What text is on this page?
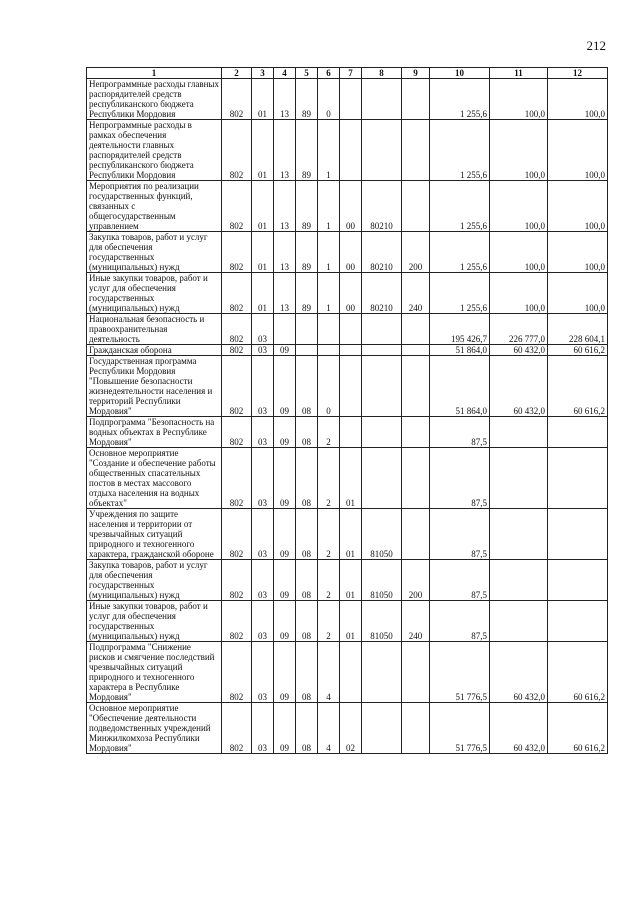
212
1	2	3	4	5	6	7	8	9	10	11	12
Непрограммные расходы главных распорядителей средств республиканского бюджета Республики Мордовия	802	01	13	89	0				1 255,6	100,0	100,0
Непрограммные расходы в рамках обеспечения деятельности главных распорядителей средств республиканского бюджета Республики Мордовия	802	01	13	89	1				1 255,6	100,0	100,0
Мероприятия по реализации государственных функций, связанных с общегосударственным управлением	802	01	13	89	1	00	80210		1 255,6	100,0	100,0
Закупка товаров, работ и услуг для обеспечения государственных (муниципальных) нужд	802	01	13	89	1	00	80210	200	1 255,6	100,0	100,0
Иные закупки товаров, работ и услуг для обеспечения государственных (муниципальных) нужд	802	01	13	89	1	00	80210	240	1 255,6	100,0	100,0
Национальная безопасность и правоохранительная деятельность	802	03							195 426,7	226 777,0	228 604,1
Гражданская оборона	802	03	09						51 864,0	60 432,0	60 616,2
Государственная программа Республики Мордовия "Повышение безопасности жизнедеятельности населения и территорий Республики Мордовия"	802	03	09	08	0				51 864,0	60 432,0	60 616,2
Подпрограмма "Безопасность на водных объектах в Республике Мордовия"	802	03	09	08	2				87,5		
Основное мероприятие "Создание и обеспечение работы общественных спасательных постов в местах массового отдыха населения на водных объектах"	802	03	09	08	2	01			87,5		
Учреждения по защите населения и территории от чрезвычайных ситуаций природного и техногенного характера, гражданской обороне	802	03	09	08	2	01	81050		87,5		
Закупка товаров, работ и услуг для обеспечения государственных (муниципальных) нужд	802	03	09	08	2	01	81050	200	87,5		
Иные закупки товаров, работ и услуг для обеспечения государственных (муниципальных) нужд	802	03	09	08	2	01	81050	240	87,5		
Подпрограмма "Снижение рисков и смягчение последствий чрезвычайных ситуаций природного и техногенного характера в Республике Мордовия"	802	03	09	08	4				51 776,5	60 432,0	60 616,2
Основное мероприятие "Обеспечение деятельности подведомственных учреждений Минжилкомхоза Республики Мордовия"	802	03	09	08	4	02			51 776,5	60 432,0	60 616,2
